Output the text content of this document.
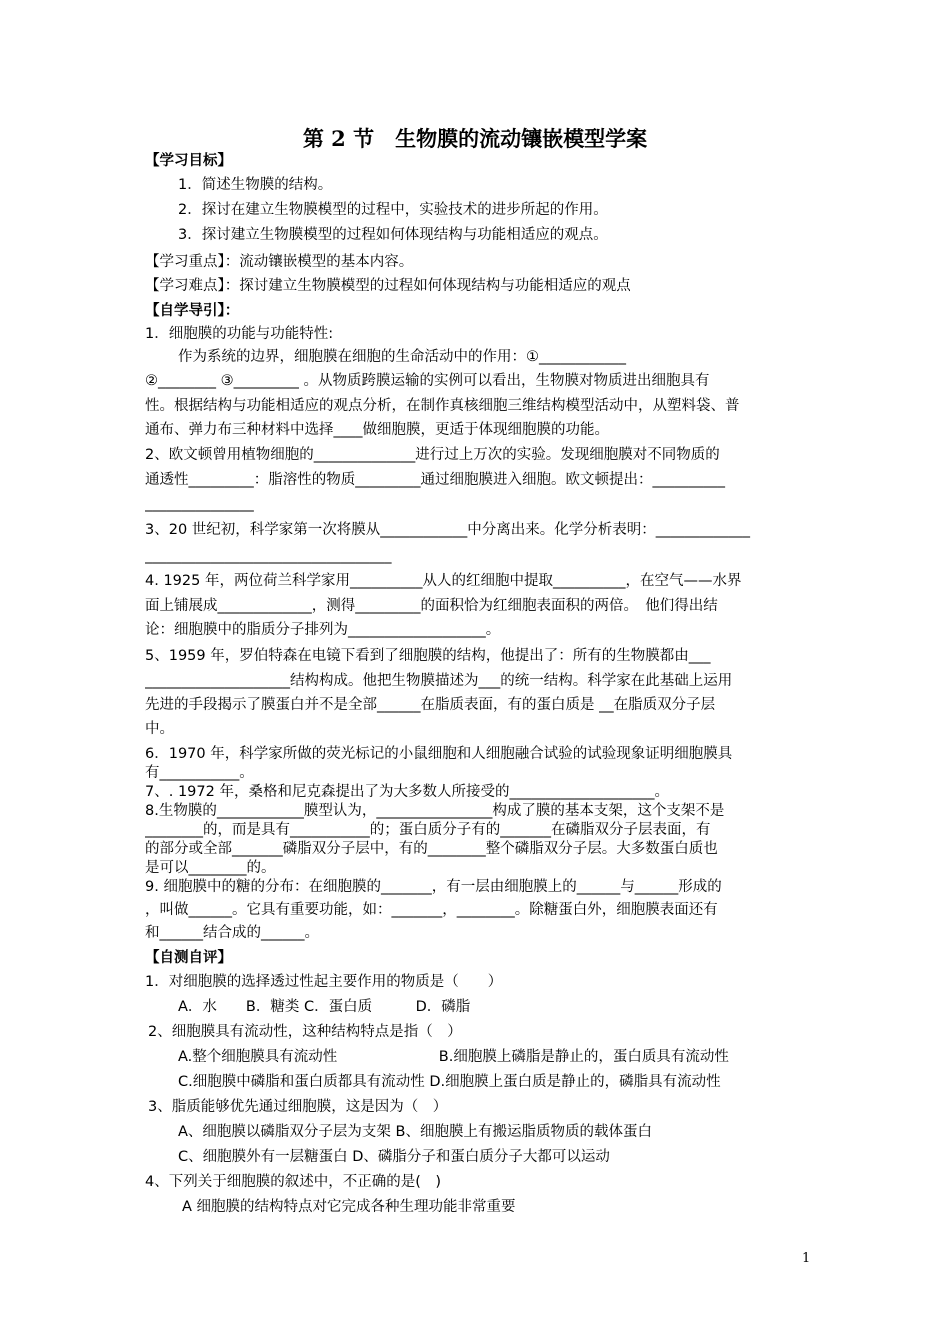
第 2 节　生物膜的流动镶嵌模型学案
【学习目标】
1．简述生物膜的结构。
2．探讨在建立生物膜模型的过程中，实验技术的进步所起的作用。
3．探讨建立生物膜模型的过程如何体现结构与功能相适应的观点。
【学习重点】：流动镶嵌模型的基本内容。
【学习难点】：探讨建立生物膜模型的过程如何体现结构与功能相适应的观点
【自学导引】：
1．细胞膜的功能与功能特性:
作为系统的边界，细胞膜在细胞的生命活动中的作用：①____________
②________ ③_________ 。从物质跨膜运输的实例可以看出，生物膜对物质进出细胞具有
性。根据结构与功能相适应的观点分析，在制作真核细胞三维结构模型活动中，从塑料袋、普
通布、弹力布三种材料中选择____做细胞膜，更适于体现细胞膜的功能。
2、欧文顿曾用植物细胞的______________进行过上万次的实验。发现细胞膜对不同物质的
通透性_________：脂溶性的物质_________通过细胞膜进入细胞。欧文顿提出：__________
_______________
3、20 世纪初，科学家第一次将膜从____________中分离出来。化学分析表明：_____________
__________________________________
4. 1925 年，两位荷兰科学家用__________从人的红细胞中提取__________，在空气——水界
面上铺展成_____________，测得_________的面积恰为红细胞表面积的两倍。　他们得出结
论：细胞膜中的脂质分子排列为___________________。
5、1959 年，罗伯特森在电镜下看到了细胞膜的结构，他提出了：所有的生物膜都由___
____________________结构构成。他把生物膜描述为___的统一结构。科学家在此基础上运用
先进的手段揭示了膜蛋白并不是全部______在脂质表面，有的蛋白质是 __在脂质双分子层
中。
6．1970 年，科学家所做的荧光标记的小鼠细胞和人细胞融合试验的试验现象证明细胞膜具
有___________。
7、. 1972 年，桑格和尼克森提出了为大多数人所接受的____________________。
8.生物膜的____________膜型认为，________________构成了膜的基本支架，这个支架不是
________的，而是具有___________的；蛋白质分子有的_______在磷脂双分子层表面，有
的部分或全部_______磷脂双分子层中，有的________整个磷脂双分子层。大多数蛋白质也
是可以________的。
9. 细胞膜中的糖的分布：在细胞膜的_______，有一层由细胞膜上的______与______形成的
，叫做______。它具有重要功能，如：_______，________。除糖蛋白外，细胞膜表面还有
和______结合成的______。
【自测自评】
1．对细胞膜的选择透过性起主要作用的物质是（　　）
A．水　　B．糖类 C．蛋白质　　　D．磷脂
2、细胞膜具有流动性，这种结构特点是指（　）
A.整个细胞膜具有流动性　　　　　　　B.细胞膜上磷脂是静止的，蛋白质具有流动性
C.细胞膜中磷脂和蛋白质都具有流动性 D.细胞膜上蛋白质是静止的，磷脂具有流动性
3、脂质能够优先通过细胞膜，这是因为（　）
A、细胞膜以磷脂双分子层为支架 B、细胞膜上有搬运脂质物质的载体蛋白
C、细胞膜外有一层糖蛋白 D、磷脂分子和蛋白质分子大都可以运动
4、下列关于细胞膜的叙述中，不正确的是(　)
A 细胞膜的结构特点对它完成各种生理功能非常重要
1
